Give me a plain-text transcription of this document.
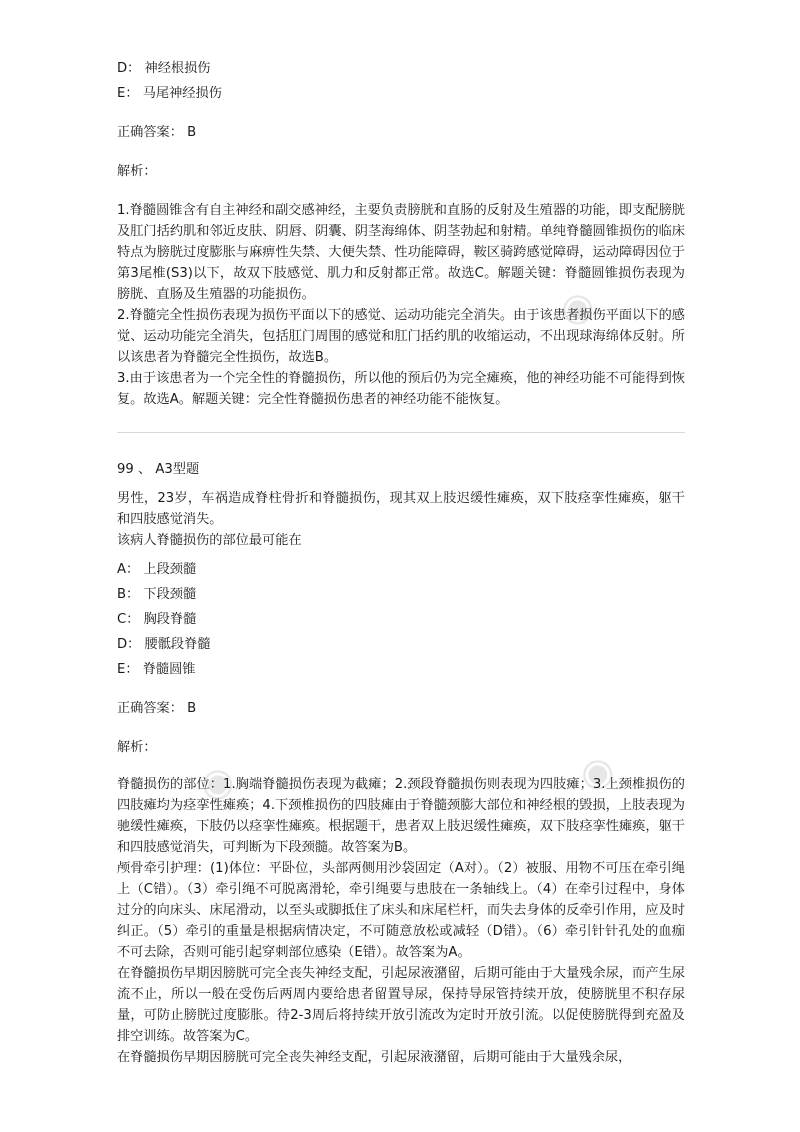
◉
◉	◉
D： 神经根损伤
E： 马尾神经损伤
正确答案： B
解析：
1.脊髓圆锥含有自主神经和副交感神经，主要负责膀胱和直肠的反射及生殖器的功能，即支配膀胱及肛门括约肌和邻近皮肤、阴唇、阴囊、阴茎海绵体、阴茎勃起和射精。单纯脊髓圆锥损伤的临床特点为膀胱过度膨胀与麻痹性失禁、大便失禁、性功能障碍，鞍区骑跨感觉障碍，运动障碍因位于第3尾椎(S3)以下，故双下肢感觉、肌力和反射都正常。故选C。解题关键：脊髓圆锥损伤表现为膀胱、直肠及生殖器的功能损伤。
2.脊髓完全性损伤表现为损伤平面以下的感觉、运动功能完全消失。由于该患者损伤平面以下的感觉、运动功能完全消失，包括肛门周围的感觉和肛门括约肌的收缩运动，不出现球海绵体反射。所以该患者为脊髓完全性损伤，故选B。
3.由于该患者为一个完全性的脊髓损伤，所以他的预后仍为完全瘫痪，他的神经功能不可能得到恢复。故选A。解题关键：完全性脊髓损伤患者的神经功能不能恢复。
99 、 A3型题
男性，23岁，车祸造成脊柱骨折和脊髓损伤，现其双上肢迟缓性瘫痪，双下肢痉挛性瘫痪，躯干和四肢感觉消失。
该病人脊髓损伤的部位最可能在
A： 上段颈髓
B： 下段颈髓
C： 胸段脊髓
D： 腰骶段脊髓
E： 脊髓圆锥
正确答案： B
解析：
脊髓损伤的部位：1.胸端脊髓损伤表现为截瘫；2.颈段脊髓损伤则表现为四肢瘫；3.上颈椎损伤的四肢瘫均为痉挛性瘫痪；4.下颈椎损伤的四肢瘫由于脊髓颈膨大部位和神经根的毁损，上肢表现为驰缓性瘫痪，下肢仍以痉挛性瘫痪。根据题干，患者双上肢迟缓性瘫痪，双下肢痉挛性瘫痪，躯干和四肢感觉消失，可判断为下段颈髓。故答案为B。
颅骨牵引护理：(1)体位：平卧位，头部两侧用沙袋固定（A对）。（2）被服、用物不可压在牵引绳上（C错）。（3）牵引绳不可脱离滑轮，牵引绳要与患肢在一条轴线上。（4）在牵引过程中，身体过分的向床头、床尾滑动，以至头或脚抵住了床头和床尾栏杆，而失去身体的反牵引作用，应及时纠正。（5）牵引的重量是根据病情决定，不可随意放松或减轻（D错）。（6）牵引针针孔处的血痂不可去除，否则可能引起穿刺部位感染（E错）。故答案为A。
在脊髓损伤早期因膀胱可完全丧失神经支配，引起尿液潴留，后期可能由于大量残余尿，而产生尿流不止，所以一般在受伤后两周内要给患者留置导尿，保持导尿管持续开放，使膀胱里不积存尿量，可防止膀胱过度膨胀。待2-3周后将持续开放引流改为定时开放引流。以促使膀胱得到充盈及排空训练。故答案为C。
在脊髓损伤早期因膀胱可完全丧失神经支配，引起尿液潴留，后期可能由于大量残余尿，
